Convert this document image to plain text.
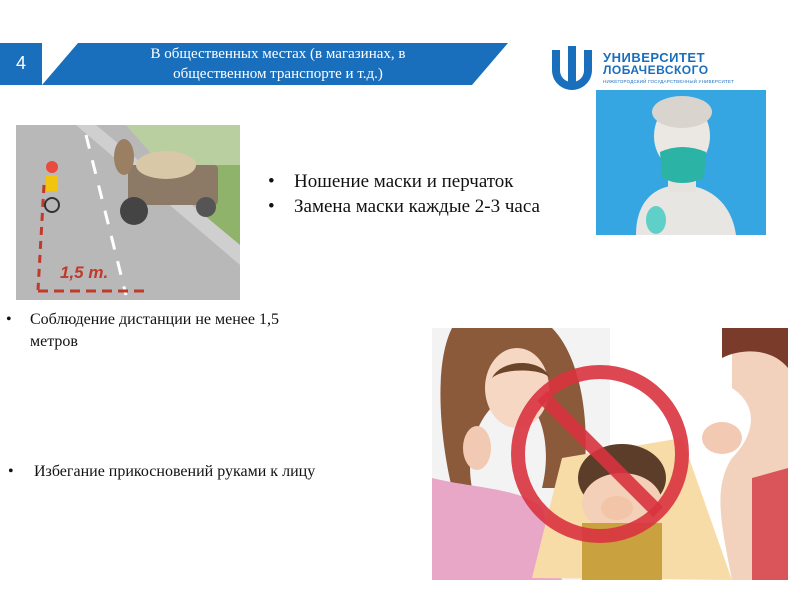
4	В общественных местах (в магазинах, в
общественном транспорте и т.д.)
УНИВЕРСИТЕТ
ЛОБАЧЕВСКОГО
НИЖЕГОРОДСКИЙ ГОСУДАРСТВЕННЫЙ УНИВЕРСИТЕТ
1,5 m.
• Ношение маски и перчаток
• Замена маски каждые 2-3 часа
• Соблюдение дистанции не менее 1,5
метров
•	Избегание прикосновений руками к лицу
